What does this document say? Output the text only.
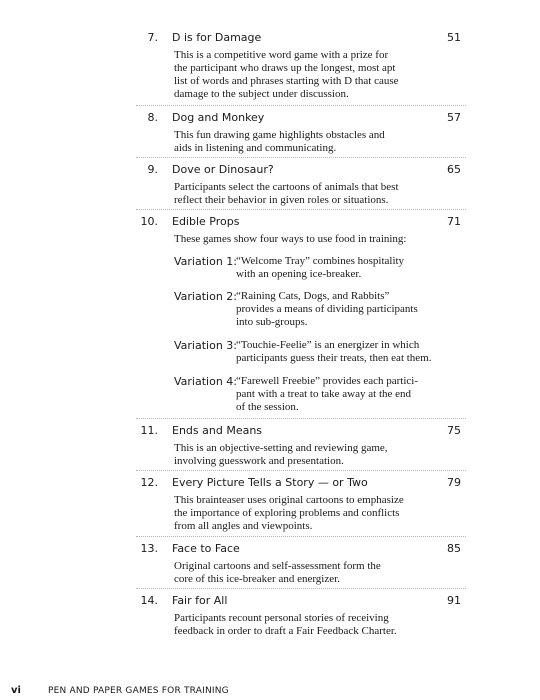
7. D is for Damage	51
This is a competitive word game with a prize for
the participant who draws up the longest, most apt
list of words and phrases starting with D that cause
damage to the subject under discussion.
8. Dog and Monkey	57
This fun drawing game highlights obstacles and
aids in listening and communicating.
9. Dove or Dinosaur?	65
Participants select the cartoons of animals that best
reflect their behavior in given roles or situations.
10. Edible Props	71
These games show four ways to use food in training:
Variation 1:
“Welcome Tray” combines hospitality
with an opening ice-breaker.
Variation 2:
“Raining Cats, Dogs, and Rabbits”
provides a means of dividing participants
into sub-groups.
Variation 3:
“Touchie-Feelie” is an energizer in which
participants guess their treats, then eat them.
Variation 4:
“Farewell Freebie” provides each partici-
pant with a treat to take away at the end
of the session.
11. Ends and Means	75
This is an objective-setting and reviewing game,
involving guesswork and presentation.
12. Every Picture Tells a Story — or Two	79
This brainteaser uses original cartoons to emphasize
the importance of exploring problems and conflicts
from all angles and viewpoints.
13. Face to Face	85
Original cartoons and self-assessment form the
core of this ice-breaker and energizer.
14. Fair for All	91
Participants recount personal stories of receiving
feedback in order to draft a Fair Feedback Charter.
vi	PEN AND PAPER GAMES FOR TRAINING
